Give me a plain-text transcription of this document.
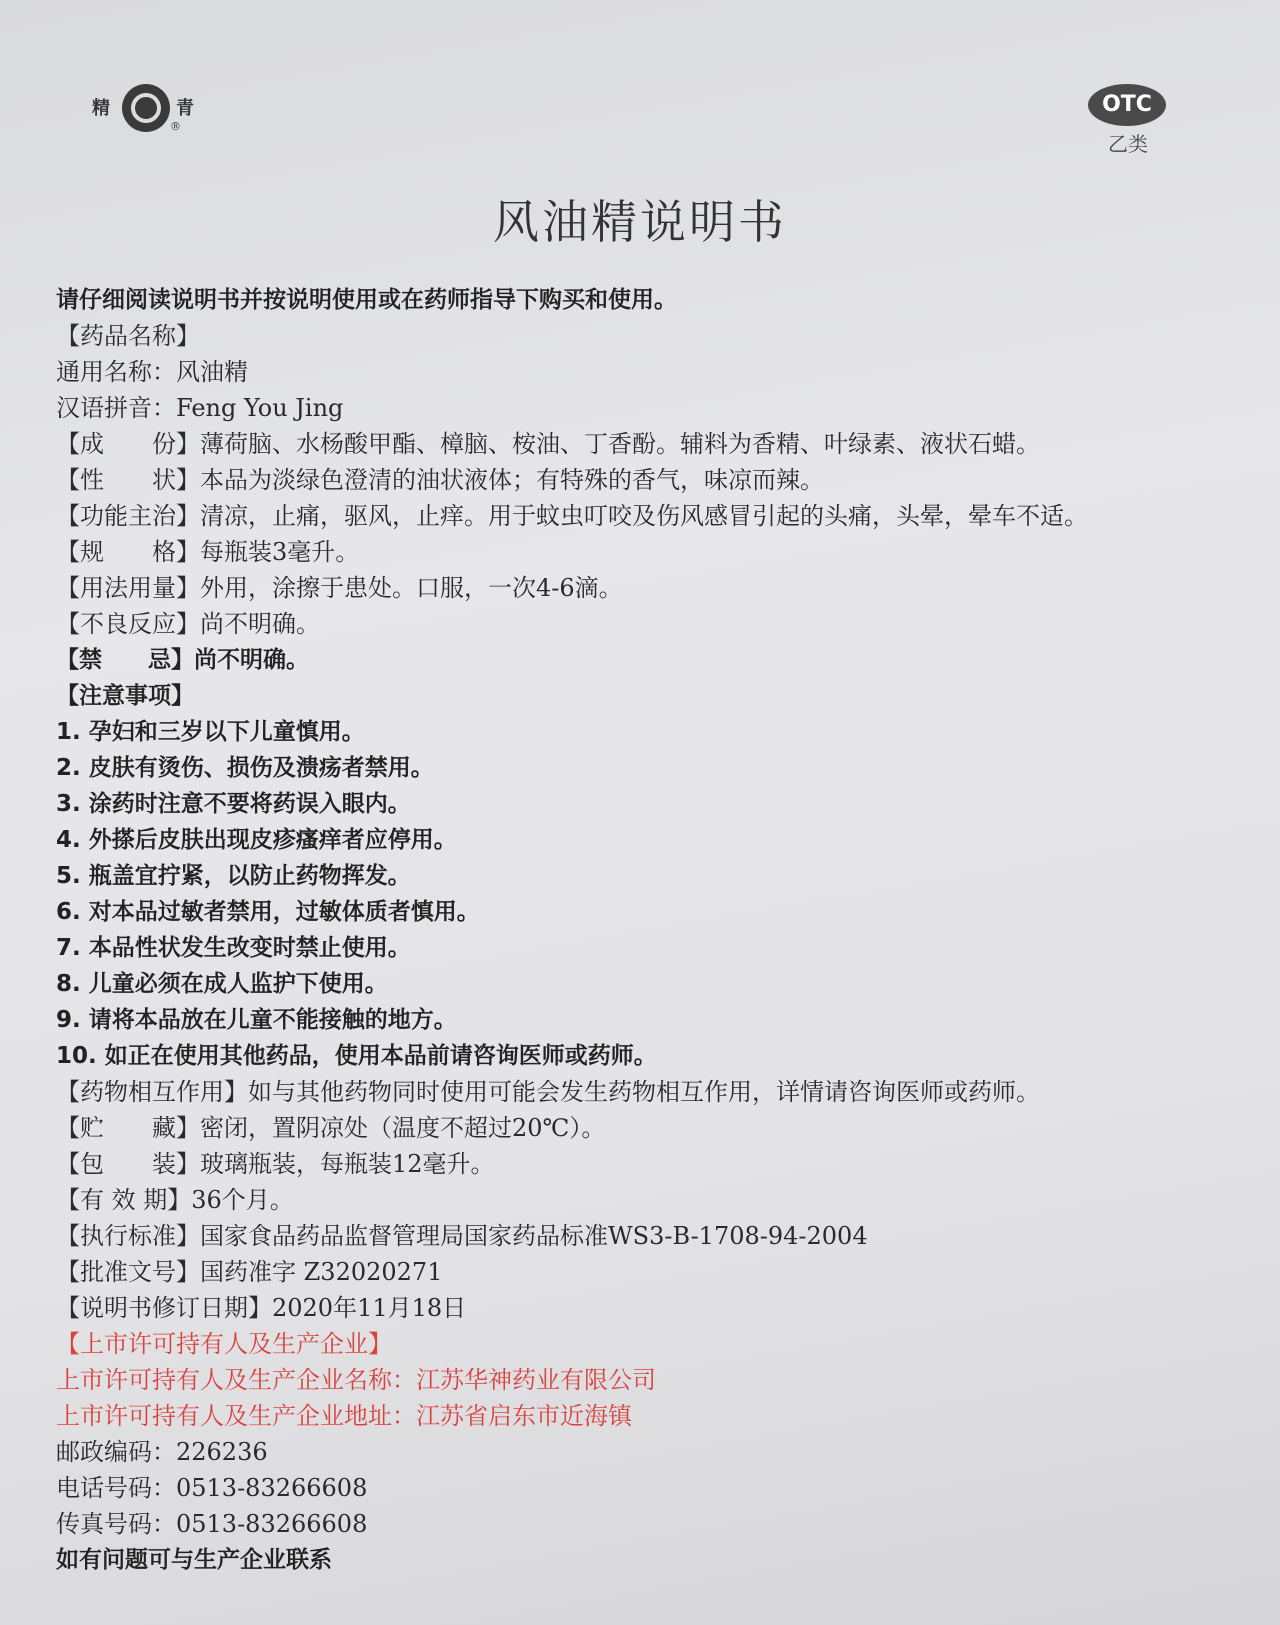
精	青
®
OTC
乙类
风油精说明书
请仔细阅读说明书并按说明使用或在药师指导下购买和使用。
【药品名称】
通用名称：风油精
汉语拼音：Feng You Jing
【成　　份】薄荷脑、水杨酸甲酯、樟脑、桉油、丁香酚。辅料为香精、叶绿素、液状石蜡。
【性　　状】本品为淡绿色澄清的油状液体；有特殊的香气，味凉而辣。
【功能主治】清凉，止痛，驱风，止痒。用于蚊虫叮咬及伤风感冒引起的头痛，头晕，晕车不适。
【规　　格】每瓶装3毫升。
【用法用量】外用，涂擦于患处。口服，一次4-6滴。
【不良反应】尚不明确。
【禁　　忌】尚不明确。
【注意事项】
1. 孕妇和三岁以下儿童慎用。
2. 皮肤有烫伤、损伤及溃疡者禁用。
3. 涂药时注意不要将药误入眼内。
4. 外搽后皮肤出现皮疹瘙痒者应停用。
5. 瓶盖宜拧紧，以防止药物挥发。
6. 对本品过敏者禁用，过敏体质者慎用。
7. 本品性状发生改变时禁止使用。
8. 儿童必须在成人监护下使用。
9. 请将本品放在儿童不能接触的地方。
10. 如正在使用其他药品，使用本品前请咨询医师或药师。
【药物相互作用】如与其他药物同时使用可能会发生药物相互作用，详情请咨询医师或药师。
【贮　　藏】密闭，置阴凉处（温度不超过20℃）。
【包　　装】玻璃瓶装，每瓶装12毫升。
【有 效 期】36个月。
【执行标准】国家食品药品监督管理局国家药品标准WS3-B-1708-94-2004
【批准文号】国药准字 Z32020271
【说明书修订日期】2020年11月18日
【上市许可持有人及生产企业】
上市许可持有人及生产企业名称：江苏华神药业有限公司
上市许可持有人及生产企业地址：江苏省启东市近海镇
邮政编码：226236
电话号码：0513-83266608
传真号码：0513-83266608
如有问题可与生产企业联系
